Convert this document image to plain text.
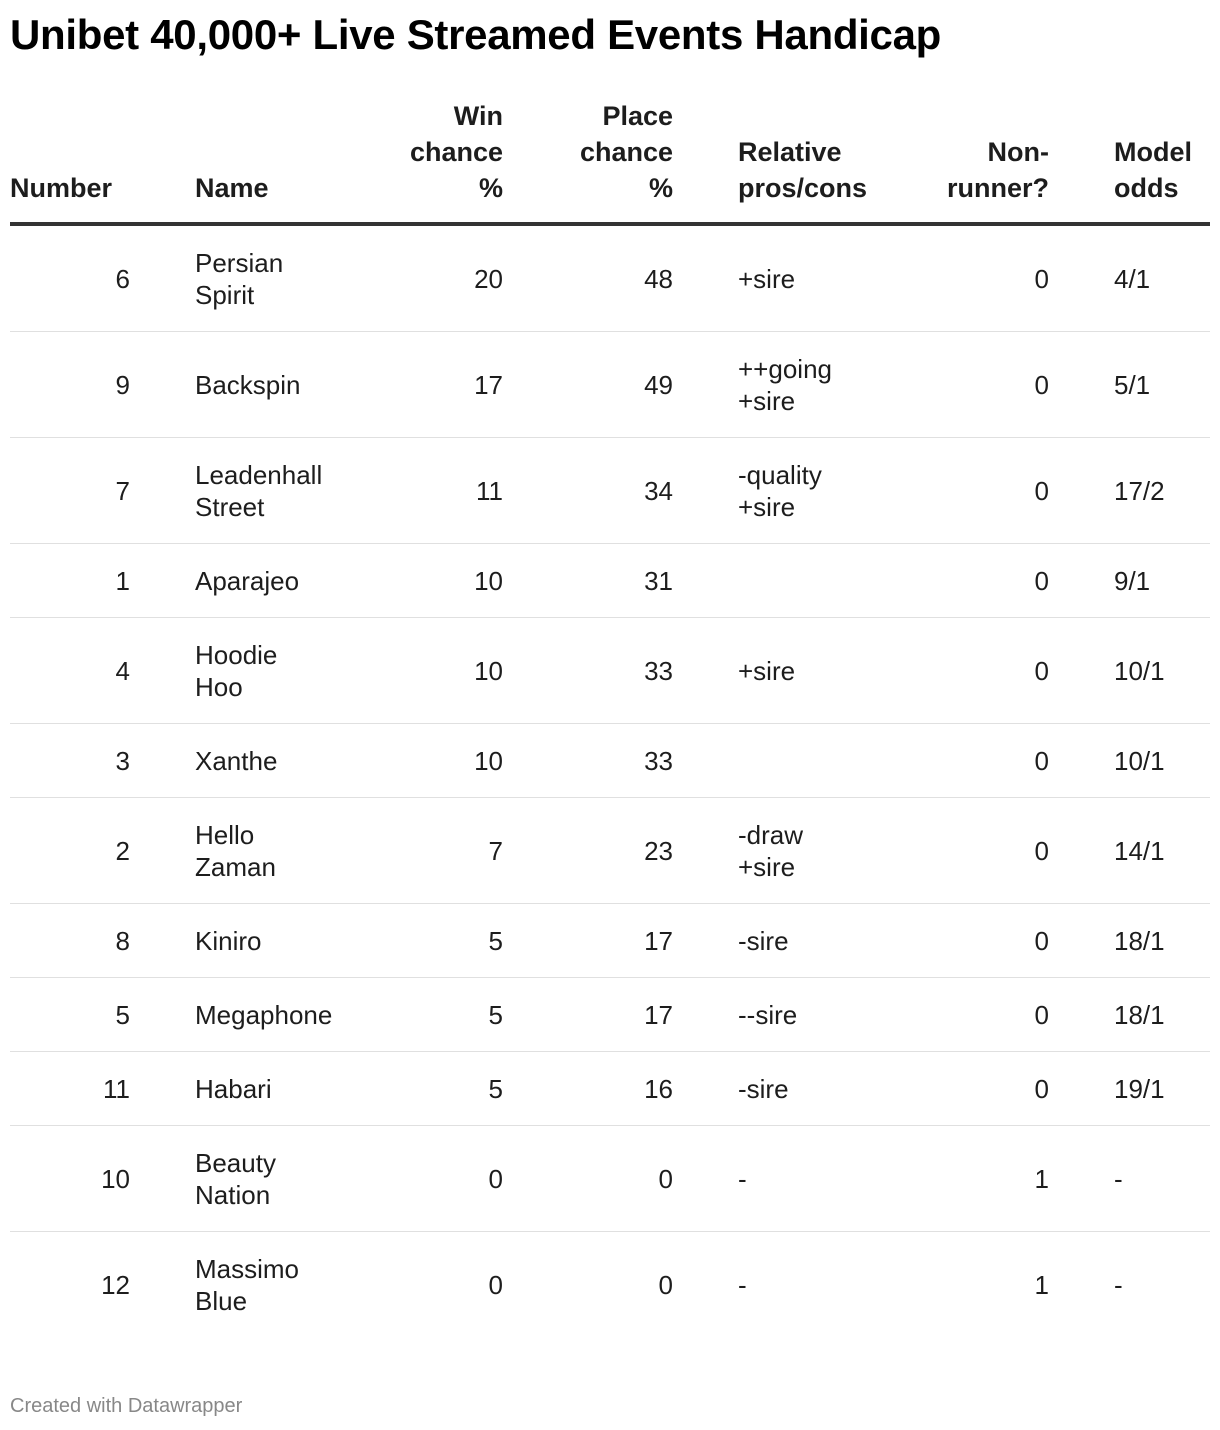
Unibet 40,000+ Live Streamed Events Handicap
Number	Name	Win
chance
%	Place
chance
%	Relative
pros/cons	Non-
runner?	Model
odds
6	Persian
Spirit	20	48	+sire	0	4/1
9	Backspin	17	49	++going
+sire	0	5/1
7	Leadenhall
Street	11	34	-quality
+sire	0	17/2
1	Aparajeo	10	31		0	9/1
4	Hoodie
Hoo	10	33	+sire	0	10/1
3	Xanthe	10	33		0	10/1
2	Hello
Zaman	7	23	-draw
+sire	0	14/1
8	Kiniro	5	17	-sire	0	18/1
5	Megaphone	5	17	--sire	0	18/1
11	Habari	5	16	-sire	0	19/1
10	Beauty
Nation	0	0	-	1	-
12	Massimo
Blue	0	0	-	1	-
Created with Datawrapper
